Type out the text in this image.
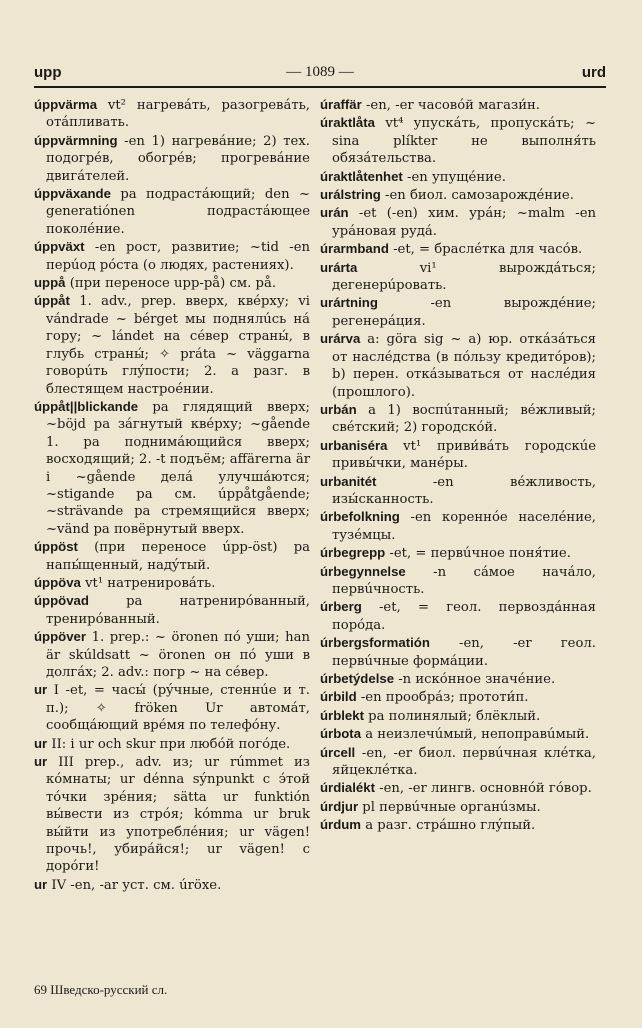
upp	— 1089 —	urd

úppvärma vt² нагревáть, разогревáть, отáпливать.

úppvärmning -en 1) нагревáние; 2) тех. подогрéв, обогрéв; прогревáние двигáтелей.

úppväxande pa подрастáющий; den ~ generatiónen подрастáющее поколéние.

úppväxt -en рост, развитие; ~tid -en перúод рóста (о людях, растениях).

uppå (при переносе upp-på) см. på.

úppåt 1. adv., prep. вверх, квéрху; vi vándrade ~ bérget мы поднялúсь нá гору; ~ lándet на сéвер страны́, в глубь страны́; ✧ práta ~ väggarna говорúть глýпости; 2. a разг. в блестящем настроéнии.

úppåt||blickande pa глядящий вверх; ~böjd pa зáгнутый квéрху; ~gående 1. pa поднимáющийся вверх; восходящий; 2. -t подъём; affärerna är i ~gående делá улучшáются; ~stigande pa см. úppåtgående; ~strävande pa стремящийся вверх; ~vänd pa повёрнутый вверх.

úppöst (при переносе úpp-öst) pa напы́щенный, надýтый.

úppöva vt¹ натренировáть.

úppövad pa натренирóванный, тренирóванный.

úppöver 1. prep.: ~ öronen пó уши; han är skúldsatt ~ öronen он пó уши в долгáх; 2. adv.: погр ~ на сéвер.

ur I -et, = часы́ (рýчные, стеннúе и т. п.); ✧ frökеn Ur автомáт, сообщáющий врéмя по телефóну.

ur II: i ur och skur при любóй погóде.

ur III prep., adv. из; ur rúmmet из кóмнаты; ur dénna sýnpunkt с э́той тóчки зрéния; sätta ur funktión вы́вести из стрóя; kómma ur bruk вы́йти из употреблéния; ur vägen! прочь!, убирáйся!; ur vägen! с дорóги!

ur IV -en, -ar уст. см. úröxe.

úrаffär -en, -er часовóй магази́н.

úraktlåta vt⁴ упускáть, пропускáть; ~ sina plíkter не выполня́ть обязáтельства.

úraktlåtenhet -en упущéние.

urálstring -en биол. самозарождéние.

urán -et (-en) хим. урáн; ~malm -en урáновая рудá.

úrarmband -et, = браслéтка для часóв.

urárta vi¹ вырождáться; дегенерúровать.

urártning -en вырождéние; регенерáция.

urárva a: göra sig ~ a) юр. откáзáться от наслéдства (в пóльзу кредитóров); b) перен. откáзываться от наслéдия (прошлого).

urbán a 1) воспúтанный; вéжливый; свéтский; 2) городскóй.

urbaniséra vt¹ приви́вáть городскúе привы́чки, манéры.

urbanitét -en вéжливость, изы́сканность.

úrbefolkning -en кореннóе населéние, тузéмцы.

úrbegrepp -et, = первúчное поня́тие.

úrbegynnelse -n сáмое начáло, первúчность.

úrberg -et, = геол. первоздáнная порóда.

úrbergsformatión -en, -er геол. первúчные формáции.

úrbetýdelse -n искóнное значéние.

úrbild -en прообрáз; прототи́п.

úrblekt pa полинялый; блёклый.

úrbota a неизлечúмый, непоправúмый.

úrcell -en, -er биол. первúчная клéтка, яйцеклéтка.

úrdialékt -en, -er лингв. основнóй гóвор.

úrdjur pl первúчные органúзмы.

úrdum a разг. стрáшно глýпый.

69 Шведско-русский сл.
